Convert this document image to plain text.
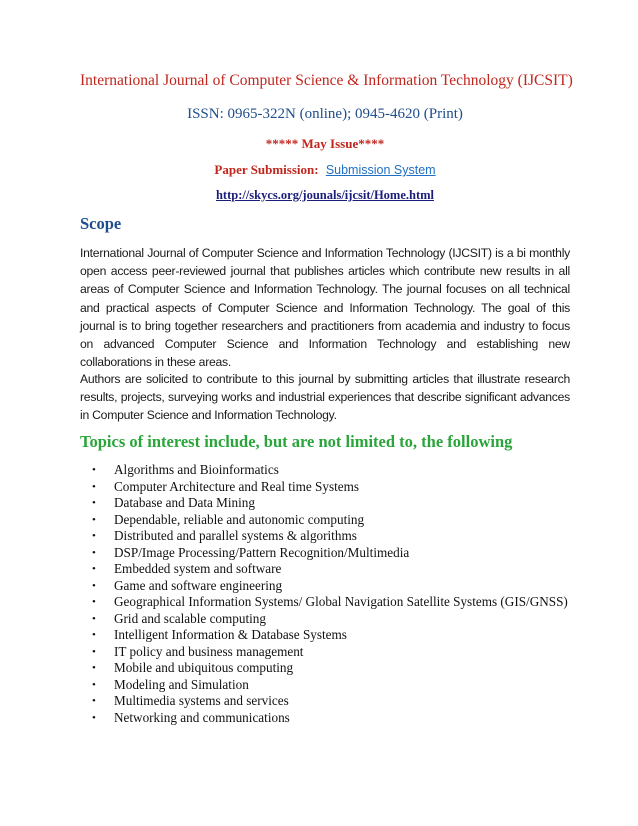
International Journal of Computer Science & Information Technology (IJCSIT)
ISSN: 0965-322N (online); 0945-4620 (Print)
***** May Issue****
Paper Submission: Submission System
http://skycs.org/jounals/ijcsit/Home.html
Scope
International Journal of Computer Science and Information Technology (IJCSIT) is a bi monthly open access peer-reviewed journal that publishes articles which contribute new results in all areas of Computer Science and Information Technology. The journal focuses on all technical and practical aspects of Computer Science and Information Technology. The goal of this journal is to bring together researchers and practitioners from academia and industry to focus on advanced Computer Science and Information Technology and establishing new collaborations in these areas.
Authors are solicited to contribute to this journal by submitting articles that illustrate research results, projects, surveying works and industrial experiences that describe significant advances in Computer Science and Information Technology.
Topics of interest include, but are not limited to, the following
• Algorithms and Bioinformatics
• Computer Architecture and Real time Systems
• Database and Data Mining
• Dependable, reliable and autonomic computing
• Distributed and parallel systems & algorithms
• DSP/Image Processing/Pattern Recognition/Multimedia
• Embedded system and software
• Game and software engineering
• Geographical Information Systems/ Global Navigation Satellite Systems (GIS/GNSS)
• Grid and scalable computing
• Intelligent Information & Database Systems
• IT policy and business management
• Mobile and ubiquitous computing
• Modeling and Simulation
• Multimedia systems and services
• Networking and communications
